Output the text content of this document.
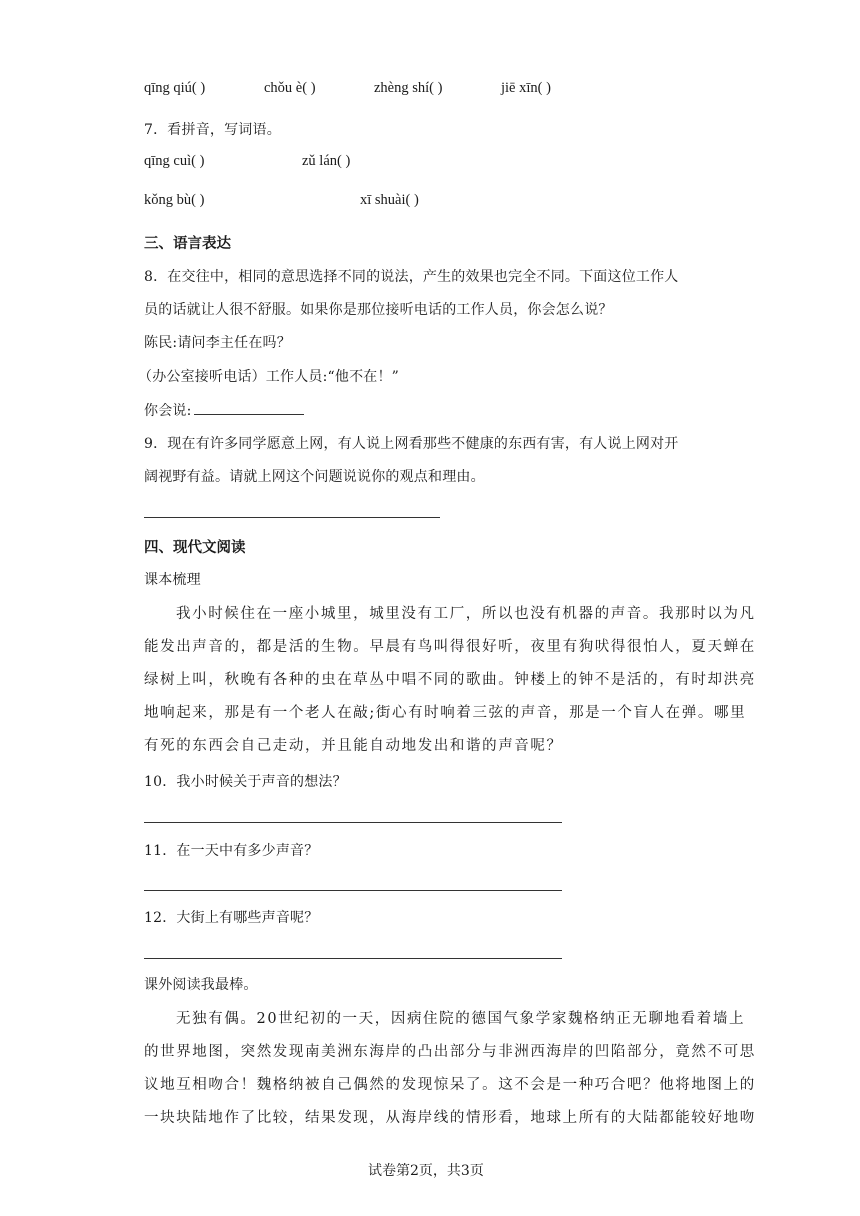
qīng qiú( )	chǒu è( )	zhèng shí( )	jiē xīn( )
7．看拼音，写词语。
qīng cuì( )	zǔ lán( )
kǒng bù( )	xī shuài( )
三、语言表达
8．在交往中，相同的意思选择不同的说法，产生的效果也完全不同。下面这位工作人
员的话就让人很不舒服。如果你是那位接听电话的工作人员，你会怎么说？
陈民:请问李主任在吗？
（办公室接听电话）工作人员:“他不在！”
你会说:
9．现在有许多同学愿意上网，有人说上网看那些不健康的东西有害，有人说上网对开
阔视野有益。请就上网这个问题说说你的观点和理由。
四、现代文阅读
课本梳理
我小时候住在一座小城里，城里没有工厂，所以也没有机器的声音。我那时以为凡
能发出声音的，都是活的生物。早晨有鸟叫得很好听，夜里有狗吠得很怕人，夏天蝉在
绿树上叫，秋晚有各种的虫在草丛中唱不同的歌曲。钟楼上的钟不是活的，有时却洪亮
地响起来，那是有一个老人在敲;街心有时响着三弦的声音，那是一个盲人在弹。哪里
有死的东西会自己走动，并且能自动地发出和谐的声音呢？
10．我小时候关于声音的想法？
11．在一天中有多少声音？
12．大街上有哪些声音呢？
课外阅读我最棒。
无独有偶。20世纪初的一天，因病住院的德国气象学家魏格纳正无聊地看着墙上
的世界地图，突然发现南美洲东海岸的凸出部分与非洲西海岸的凹陷部分，竟然不可思
议地互相吻合！魏格纳被自己偶然的发现惊呆了。这不会是一种巧合吧？他将地图上的
一块块陆地作了比较，结果发现，从海岸线的情形看，地球上所有的大陆都能较好地吻
试卷第2页，共3页
